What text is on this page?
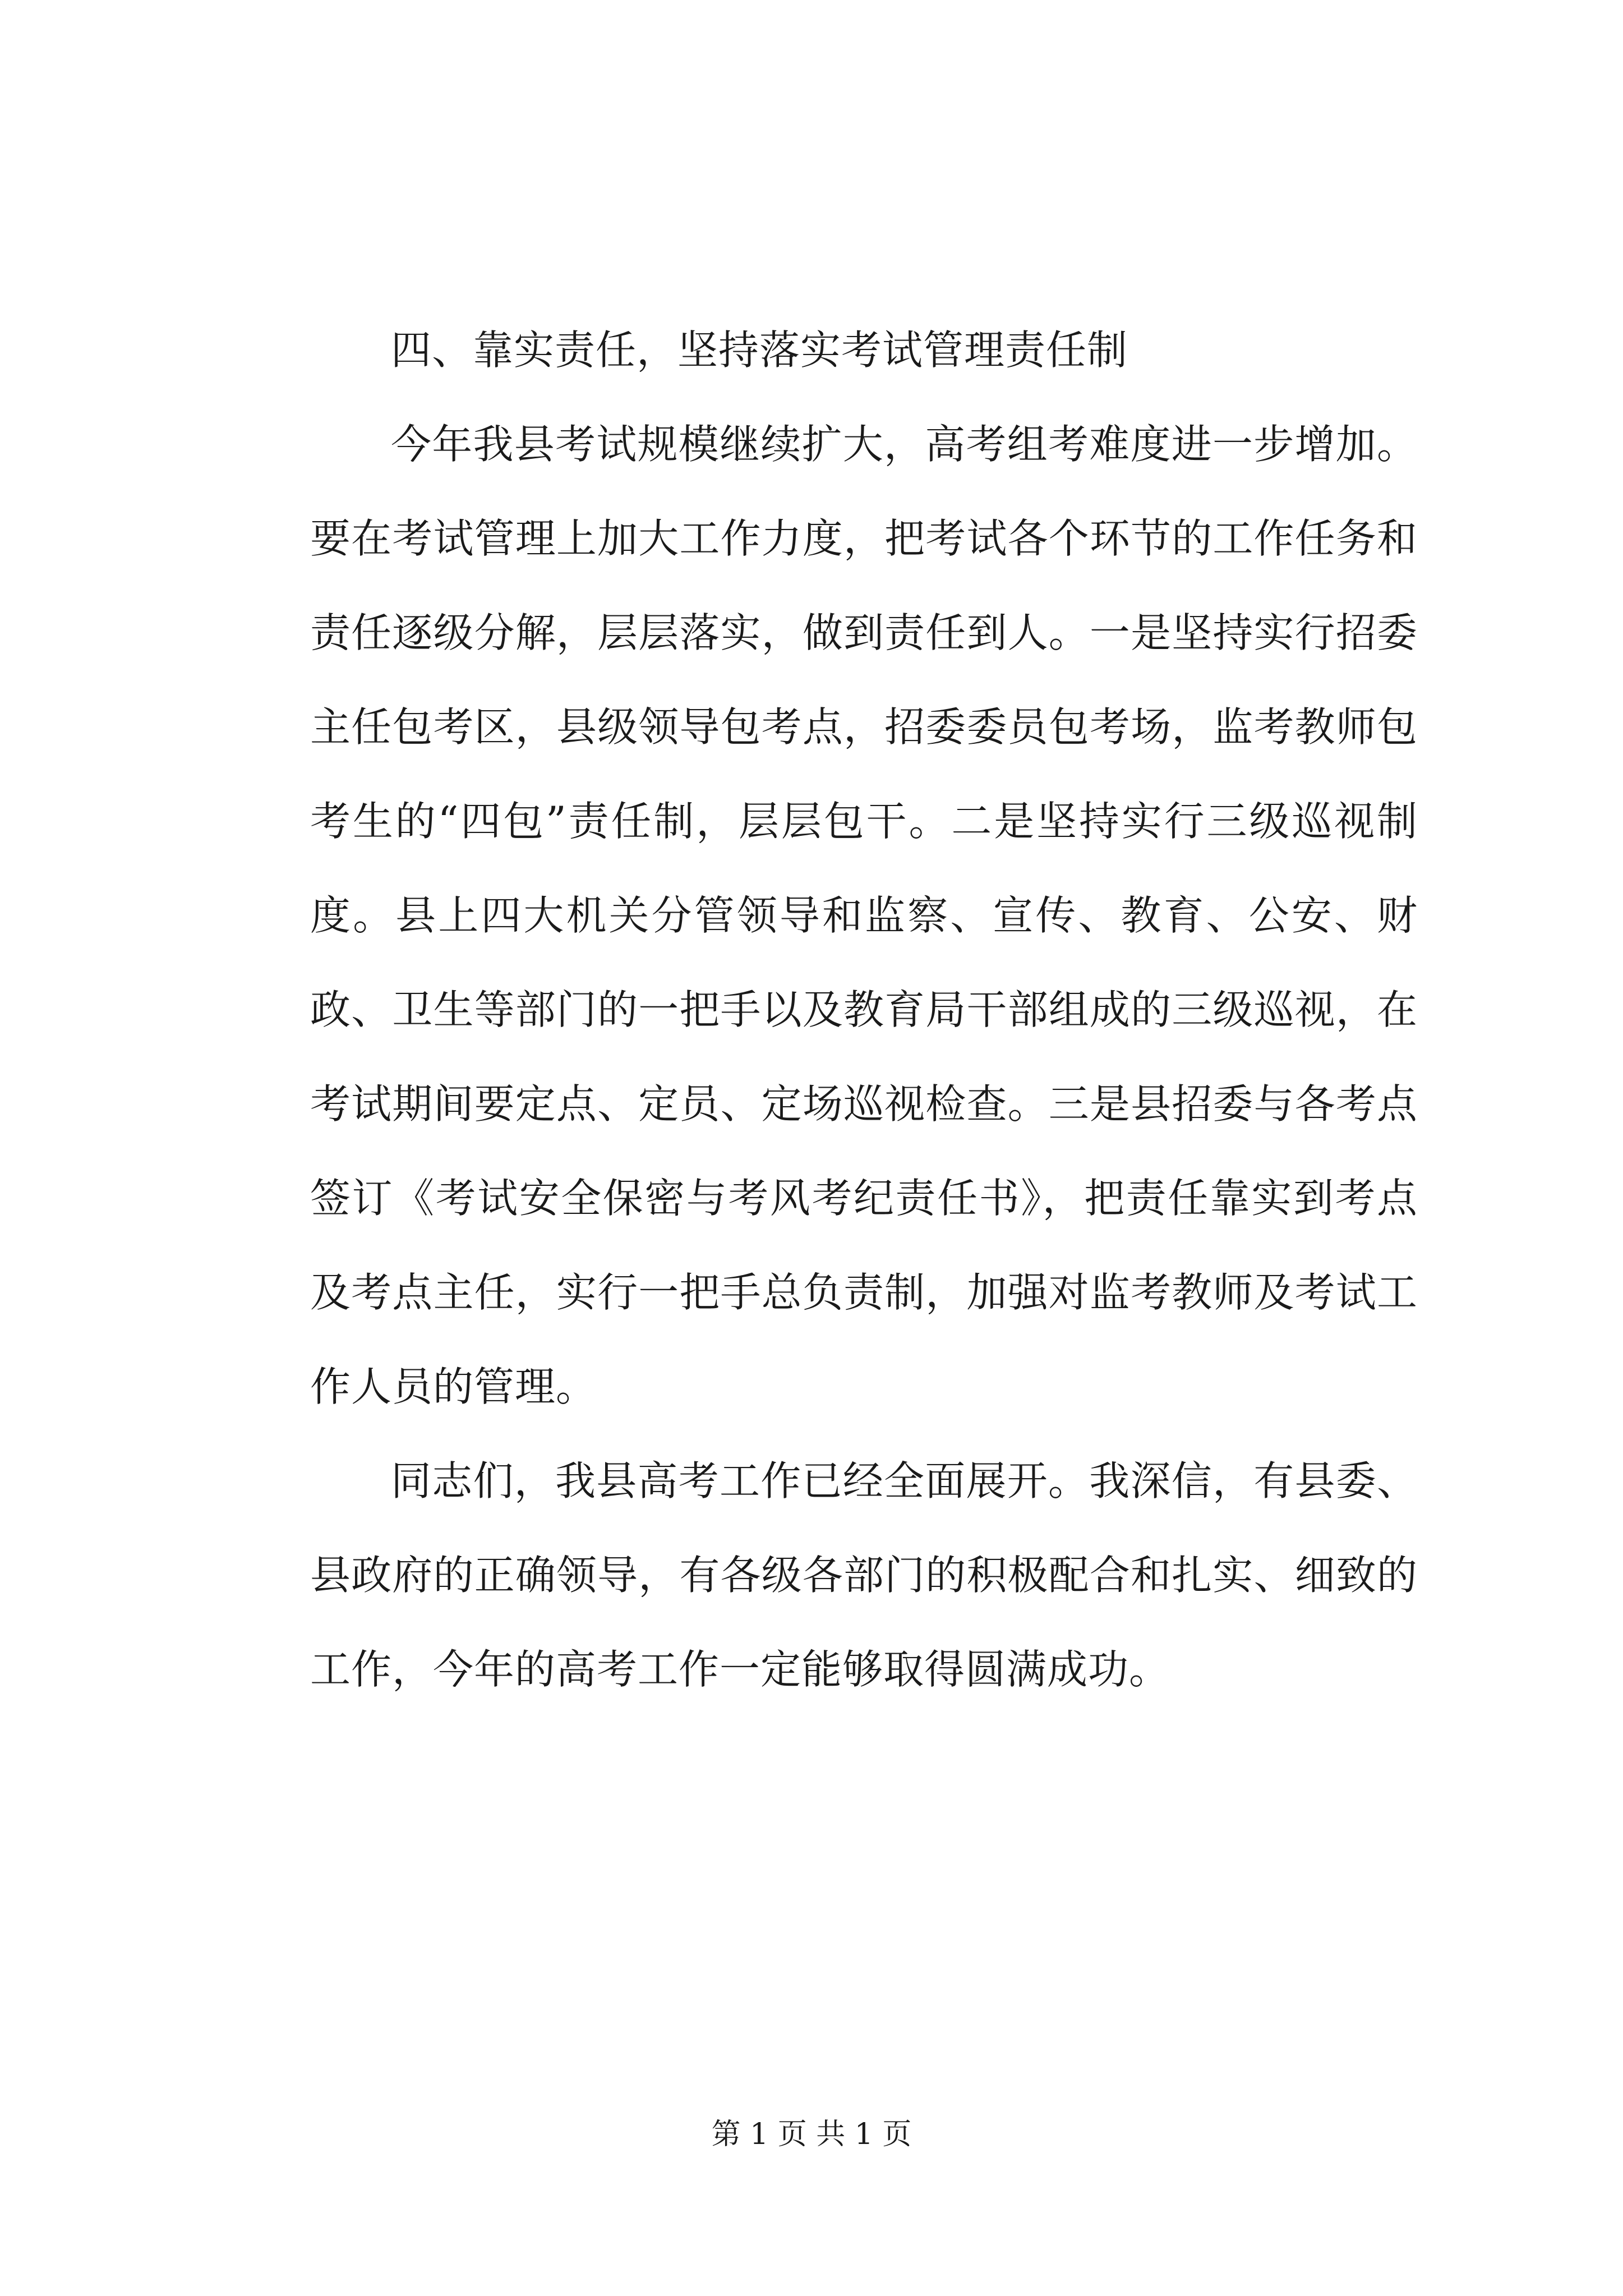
四、靠实责任，坚持落实考试管理责任制

今年我县考试规模继续扩大，高考组考难度进一步增加。要在考试管理上加大工作力度，把考试各个环节的工作任务和责任逐级分解，层层落实，做到责任到人。一是坚持实行招委主任包考区，县级领导包考点，招委委员包考场，监考教师包考生的“四包”责任制，层层包干。二是坚持实行三级巡视制度。县上四大机关分管领导和监察、宣传、教育、公安、财政、卫生等部门的一把手以及教育局干部组成的三级巡视，在考试期间要定点、定员、定场巡视检查。三是县招委与各考点签订《考试安全保密与考风考纪责任书》，把责任靠实到考点及考点主任，实行一把手总负责制，加强对监考教师及考试工作人员的管理。

同志们，我县高考工作已经全面展开。我深信，有县委、县政府的正确领导，有各级各部门的积极配合和扎实、细致的工作，今年的高考工作一定能够取得圆满成功。

第 1 页 共 1 页
